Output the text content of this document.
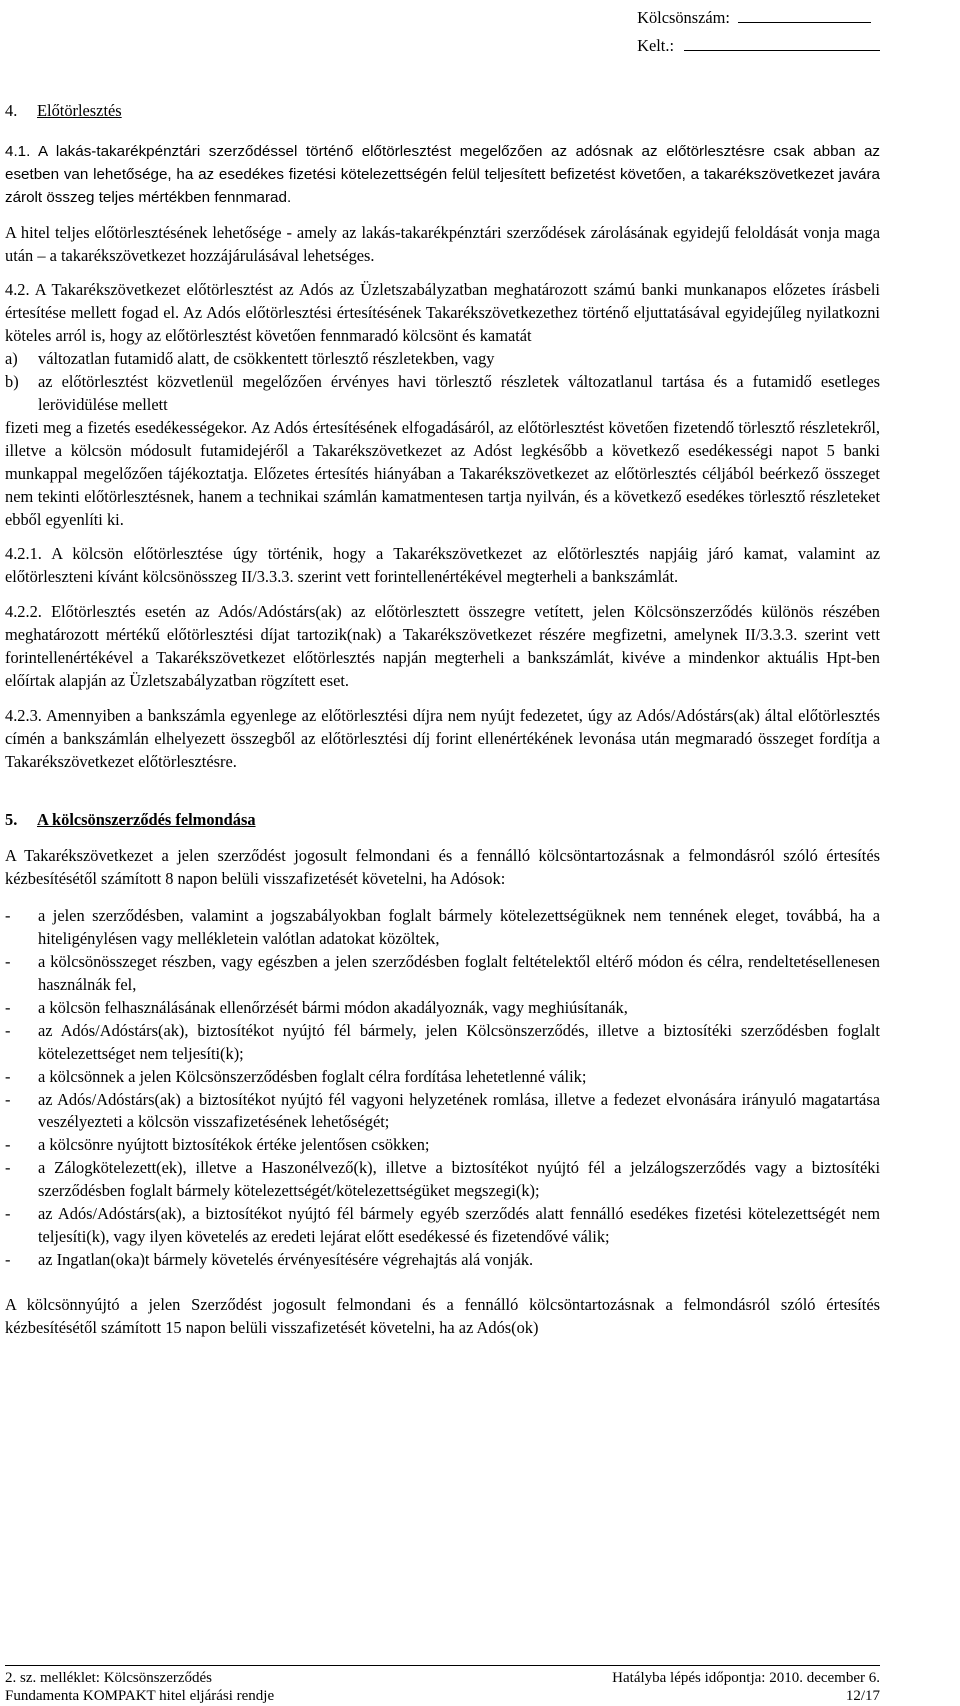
Kölcsönszám:
Kelt.:

4. Előtörlesztés

4.1. A lakás-takarékpénztári szerződéssel történő előtörlesztést megelőzően az adósnak az előtörlesztésre csak abban az esetben van lehetősége, ha az esedékes fizetési kötelezettségén felül teljesített befizetést követően, a takarékszövetkezet javára zárolt összeg teljes mértékben fennmarad.

A hitel teljes előtörlesztésének lehetősége - amely az lakás-takarékpénztári szerződések zárolásának egyidejű feloldását vonja maga után – a takarékszövetkezet hozzájárulásával lehetséges.

4.2. A Takarékszövetkezet előtörlesztést az Adós az Üzletszabályzatban meghatározott számú banki munkanapos előzetes írásbeli értesítése mellett fogad el. Az Adós előtörlesztési értesítésének Takarékszövetkezethez történő eljuttatásával egyidejűleg nyilatkozni köteles arról is, hogy az előtörlesztést követően fennmaradó kölcsönt és kamatát

a) változatlan futamidő alatt, de csökkentett törlesztő részletekben, vagy
b) az előtörlesztést közvetlenül megelőzően érvényes havi törlesztő részletek változatlanul tartása és a futamidő esetleges lerövidülése mellett

fizeti meg a fizetés esedékességekor. Az Adós értesítésének elfogadásáról, az előtörlesztést követően fizetendő törlesztő részletekről, illetve a kölcsön módosult futamidejéről a Takarékszövetkezet az Adóst legkésőbb a következő esedékességi napot 5 banki munkappal megelőzően tájékoztatja. Előzetes értesítés hiányában a Takarékszövetkezet az előtörlesztés céljából beérkező összeget nem tekinti előtörlesztésnek, hanem a technikai számlán kamatmentesen tartja nyilván, és a következő esedékes törlesztő részleteket ebből egyenlíti ki.

4.2.1. A kölcsön előtörlesztése úgy történik, hogy a Takarékszövetkezet az előtörlesztés napjáig járó kamat, valamint az előtörleszteni kívánt kölcsönösszeg II/3.3.3. szerint vett forintellenértékével megterheli a bankszámlát.

4.2.2. Előtörlesztés esetén az Adós/Adóstárs(ak) az előtörlesztett összegre vetített, jelen Kölcsönszerződés különös részében meghatározott mértékű előtörlesztési díjat tartozik(nak) a Takarékszövetkezet részére megfizetni, amelynek II/3.3.3. szerint vett forintellenértékével a Takarékszövetkezet előtörlesztés napján megterheli a bankszámlát, kivéve a mindenkor aktuális Hpt-ben előírtak alapján az Üzletszabályzatban rögzített eset.

4.2.3. Amennyiben a bankszámla egyenlege az előtörlesztési díjra nem nyújt fedezetet, úgy az Adós/Adóstárs(ak) által előtörlesztés címén a bankszámlán elhelyezett összegből az előtörlesztési díj forint ellenértékének levonása után megmaradó összeget fordítja a Takarékszövetkezet előtörlesztésre.

5. A kölcsönszerződés felmondása

A Takarékszövetkezet a jelen szerződést jogosult felmondani és a fennálló kölcsöntartozásnak a felmondásról szóló értesítés kézbesítésétől számított 8 napon belüli visszafizetését követelni, ha Adósok:

- a jelen szerződésben, valamint a jogszabályokban foglalt bármely kötelezettségüknek nem tennének eleget, továbbá, ha a hiteligénylésen vagy mellékletein valótlan adatokat közöltek,
- a kölcsönösszeget részben, vagy egészben a jelen szerződésben foglalt feltételektől eltérő módon és célra, rendeltetésellenesen használnák fel,
- a kölcsön felhasználásának ellenőrzését bármi módon akadályoznák, vagy meghiúsítanák,
- az Adós/Adóstárs(ak), biztosítékot nyújtó fél bármely, jelen Kölcsönszerződés, illetve a biztosítéki szerződésben foglalt kötelezettséget nem teljesíti(k);
- a kölcsönnek a jelen Kölcsönszerződésben foglalt célra fordítása lehetetlenné válik;
- az Adós/Adóstárs(ak) a biztosítékot nyújtó fél vagyoni helyzetének romlása, illetve a fedezet elvonására irányuló magatartása veszélyezteti a kölcsön visszafizetésének lehetőségét;
- a kölcsönre nyújtott biztosítékok értéke jelentősen csökken;
- a Zálogkötelezett(ek), illetve a Haszonélvező(k), illetve a biztosítékot nyújtó fél a jelzálogszerződés vagy a biztosítéki szerződésben foglalt bármely kötelezettségét/kötelezettségüket megszegi(k);
- az Adós/Adóstárs(ak), a biztosítékot nyújtó fél bármely egyéb szerződés alatt fennálló esedékes fizetési kötelezettségét nem teljesíti(k), vagy ilyen követelés az eredeti lejárat előtt esedékessé és fizetendővé válik;
- az Ingatlan(oka)t bármely követelés érvényesítésére végrehajtás alá vonják.

A kölcsönnyújtó a jelen Szerződést jogosult felmondani és a fennálló kölcsöntartozásnak a felmondásról szóló értesítés kézbesítésétől számított 15 napon belüli visszafizetését követelni, ha az Adós(ok)

2. sz. melléklet: Kölcsönszerződés	Hatályba lépés időpontja: 2010. december 6.
Fundamenta KOMPAKT hitel eljárási rendje	12/17
